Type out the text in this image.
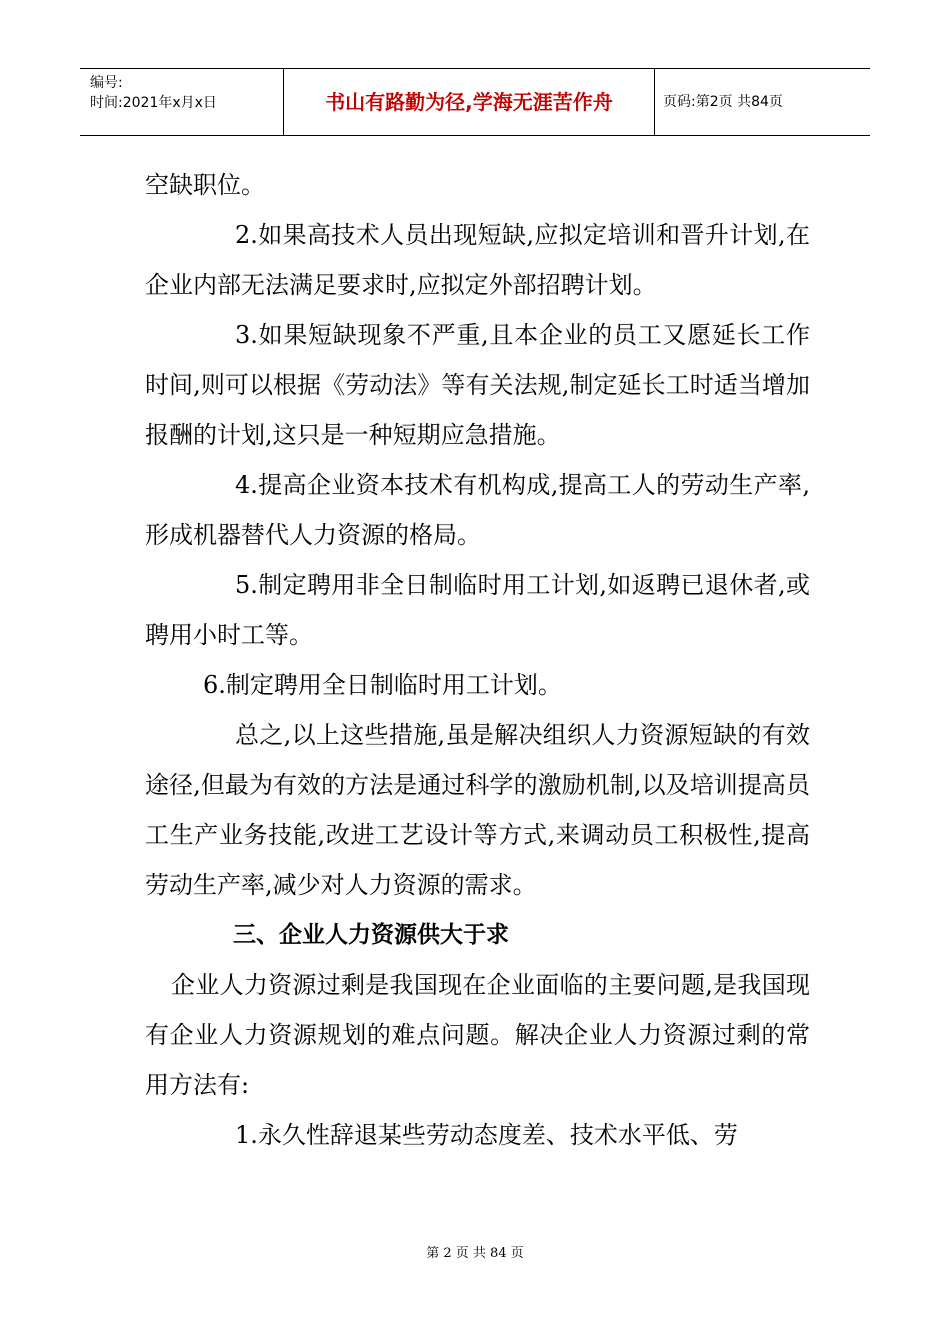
编号:
时间:2021年x月x日	书山有路勤为径,学海无涯苦作舟	页码:第2页 共84页

空缺职位。

2.如果高技术人员出现短缺,应拟定培训和晋升计划,在企业内部无法满足要求时,应拟定外部招聘计划。

3.如果短缺现象不严重,且本企业的员工又愿延长工作时间,则可以根据《劳动法》等有关法规,制定延长工时适当增加报酬的计划,这只是一种短期应急措施。

4.提高企业资本技术有机构成,提高工人的劳动生产率,形成机器替代人力资源的格局。

5.制定聘用非全日制临时用工计划,如返聘已退休者,或聘用小时工等。

6.制定聘用全日制临时用工计划。

总之,以上这些措施,虽是解决组织人力资源短缺的有效途径,但最为有效的方法是通过科学的激励机制,以及培训提高员工生产业务技能,改进工艺设计等方式,来调动员工积极性,提高劳动生产率,减少对人力资源的需求。

三、企业人力资源供大于求

企业人力资源过剩是我国现在企业面临的主要问题,是我国现有企业人力资源规划的难点问题。解决企业人力资源过剩的常用方法有:

1.永久性辞退某些劳动态度差、技术水平低、劳

第 2 页 共 84 页
